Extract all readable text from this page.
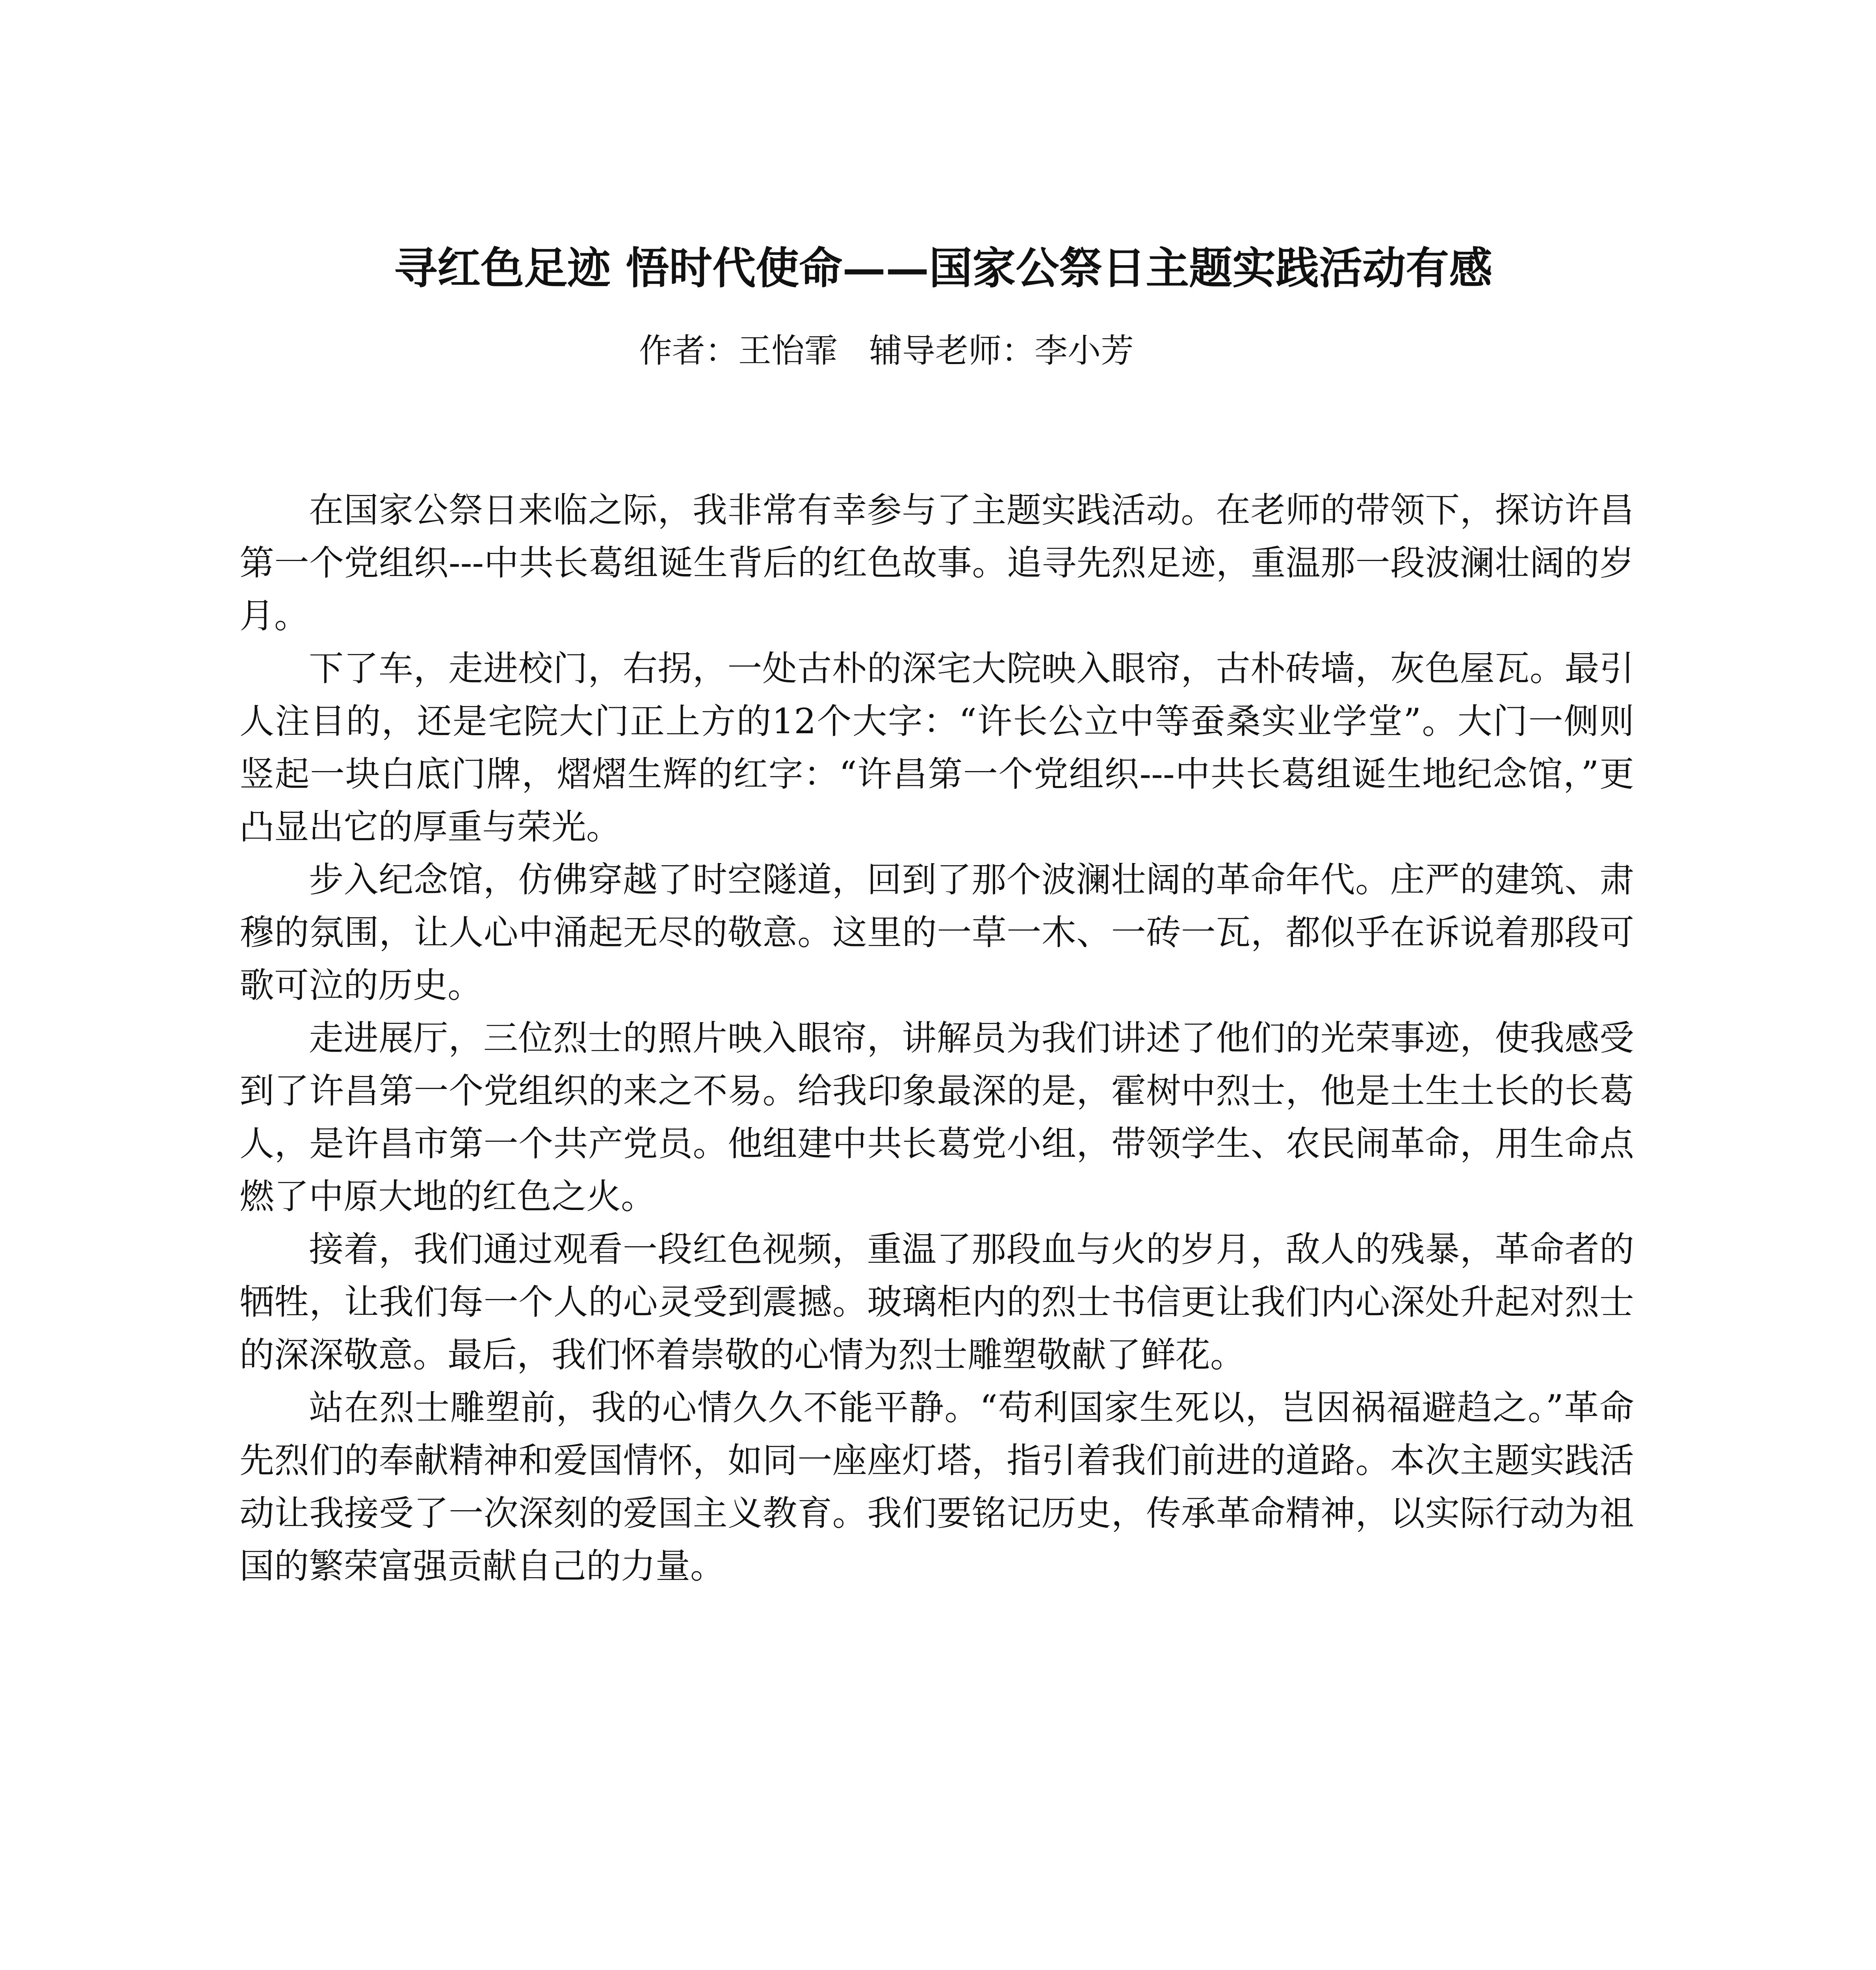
寻红色足迹 悟时代使命——国家公祭日主题实践活动有感
作者：王怡霏   辅导老师：李小芳

在国家公祭日来临之际，我非常有幸参与了主题实践活动。在老师的带领下，探访许昌第一个党组织---中共长葛组诞生背后的红色故事。追寻先烈足迹，重温那一段波澜壮阔的岁月。

下了车，走进校门，右拐，一处古朴的深宅大院映入眼帘，古朴砖墙，灰色屋瓦。最引人注目的，还是宅院大门正上方的12个大字：“许长公立中等蚕桑实业学堂”。大门一侧则竖起一块白底门牌，熠熠生辉的红字：“许昌第一个党组织---中共长葛组诞生地纪念馆，”更凸显出它的厚重与荣光。

步入纪念馆，仿佛穿越了时空隧道，回到了那个波澜壮阔的革命年代。庄严的建筑、肃穆的氛围，让人心中涌起无尽的敬意。这里的一草一木、一砖一瓦，都似乎在诉说着那段可歌可泣的历史。

走进展厅，三位烈士的照片映入眼帘，讲解员为我们讲述了他们的光荣事迹，使我感受到了许昌第一个党组织的来之不易。给我印象最深的是，霍树中烈士，他是土生土长的长葛人，是许昌市第一个共产党员。他组建中共长葛党小组，带领学生、农民闹革命，用生命点燃了中原大地的红色之火。

接着，我们通过观看一段红色视频，重温了那段血与火的岁月，敌人的残暴，革命者的牺牲，让我们每一个人的心灵受到震撼。玻璃柜内的烈士书信更让我们内心深处升起对烈士的深深敬意。最后，我们怀着崇敬的心情为烈士雕塑敬献了鲜花。

站在烈士雕塑前，我的心情久久不能平静。“苟利国家生死以，岂因祸福避趋之。”革命先烈们的奉献精神和爱国情怀，如同一座座灯塔，指引着我们前进的道路。本次主题实践活动让我接受了一次深刻的爱国主义教育。我们要铭记历史，传承革命精神，以实际行动为祖国的繁荣富强贡献自己的力量。
